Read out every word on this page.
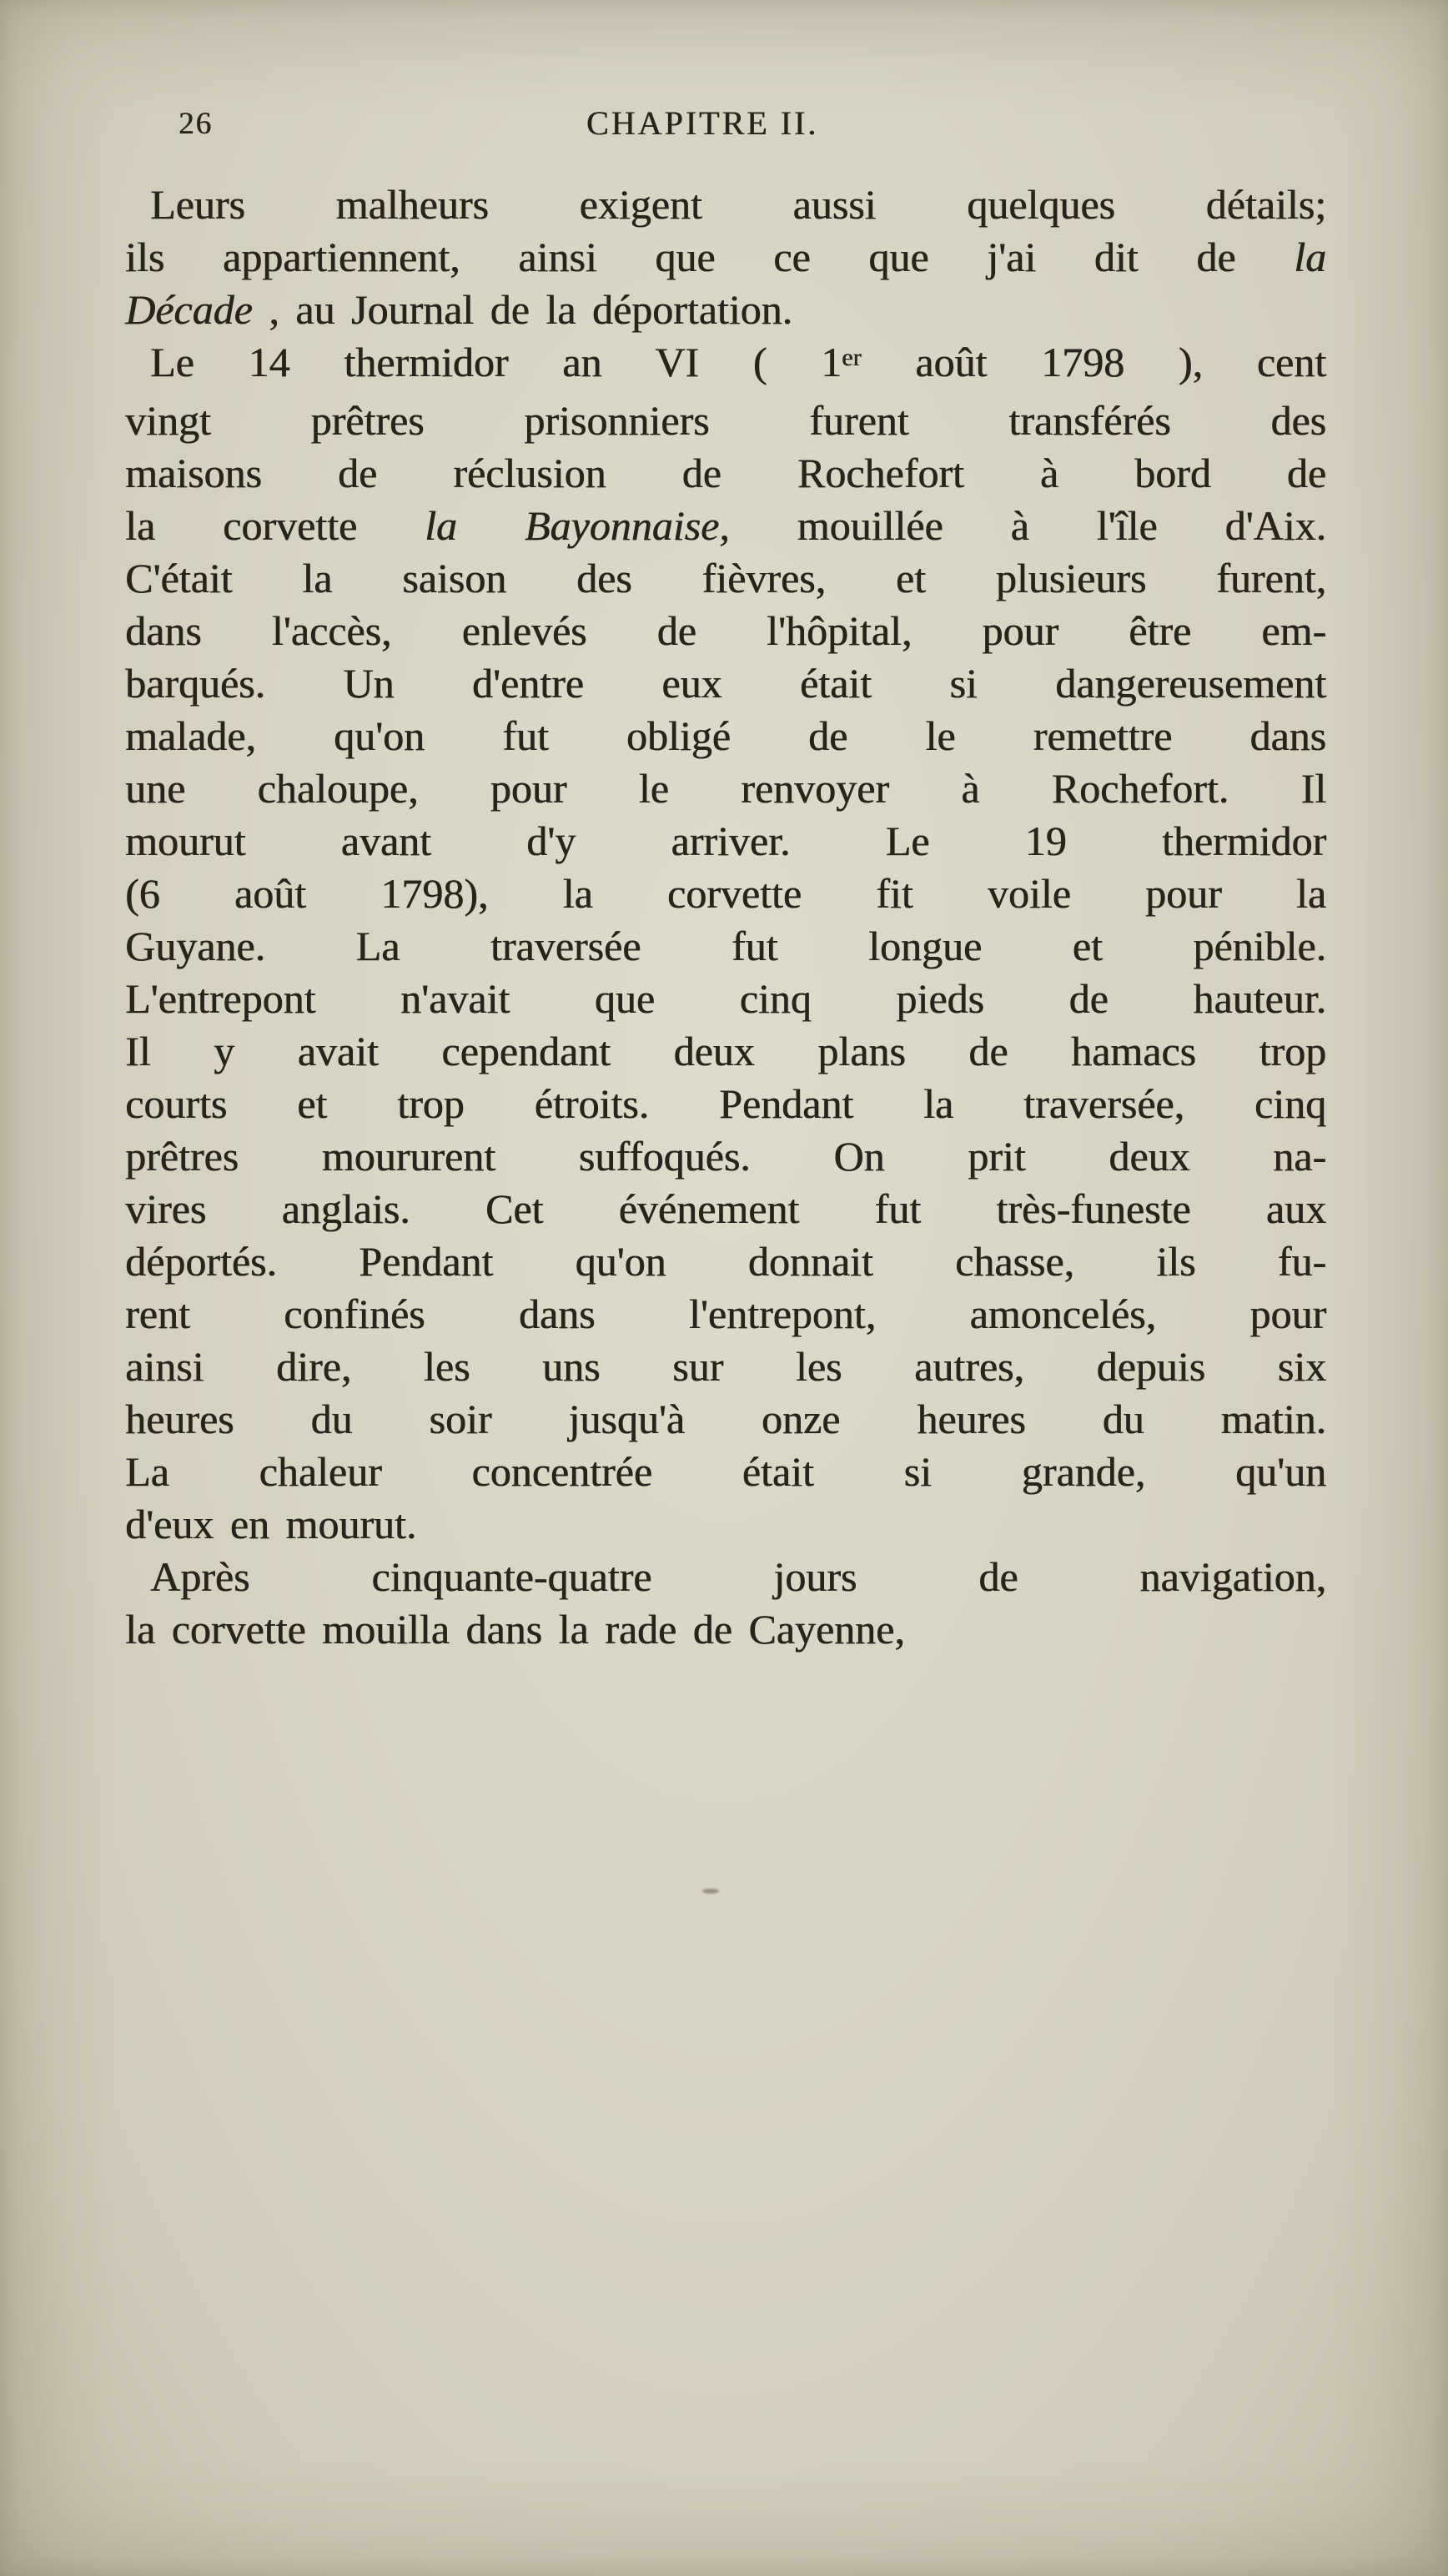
26	CHAPITRE II.
Leurs malheurs exigent aussi quelques détails;
ils appartiennent, ainsi que ce que j'ai dit de la
Décade , au Journal de la déportation.
Le 14 thermidor an VI ( 1er août 1798 ), cent
vingt prêtres prisonniers furent transférés des
maisons de réclusion de Rochefort à bord de
la corvette la Bayonnaise, mouillée à l'île d'Aix.
C'était la saison des fièvres, et plusieurs furent,
dans l'accès, enlevés de l'hôpital, pour être em-
barqués. Un d'entre eux était si dangereusement
malade, qu'on fut obligé de le remettre dans
une chaloupe, pour le renvoyer à Rochefort. Il
mourut avant d'y arriver. Le 19 thermidor
(6 août 1798), la corvette fit voile pour la
Guyane. La traversée fut longue et pénible.
L'entrepont n'avait que cinq pieds de hauteur.
Il y avait cependant deux plans de hamacs trop
courts et trop étroits. Pendant la traversée, cinq
prêtres moururent suffoqués. On prit deux na-
vires anglais. Cet événement fut très-funeste aux
déportés. Pendant qu'on donnait chasse, ils fu-
rent confinés dans l'entrepont, amoncelés, pour
ainsi dire, les uns sur les autres, depuis six
heures du soir jusqu'à onze heures du matin.
La chaleur concentrée était si grande, qu'un
d'eux en mourut.
Après cinquante-quatre jours de navigation,
la corvette mouilla dans la rade de Cayenne,
